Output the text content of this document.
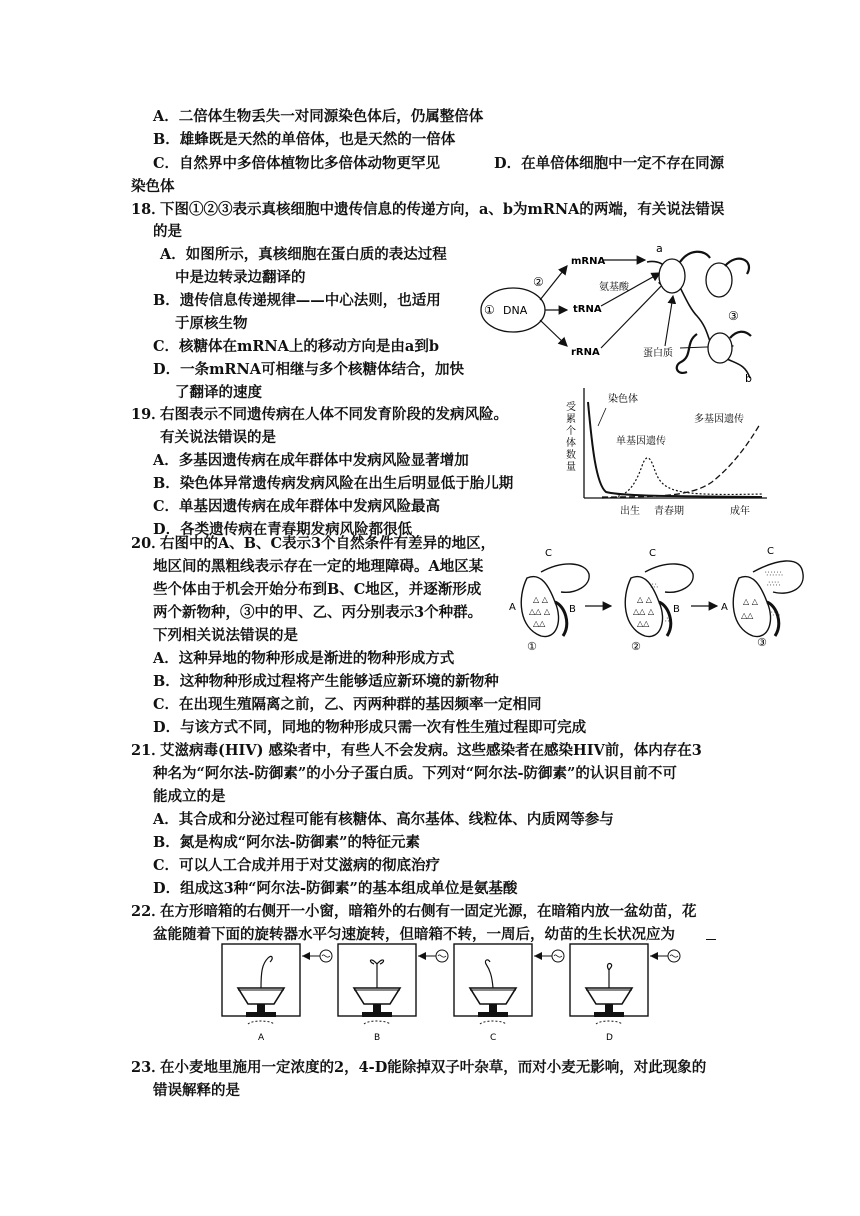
A．二倍体生物丢失一对同源染色体后，仍属整倍体
B．雄蜂既是天然的单倍体，也是天然的一倍体
C．自然界中多倍体植物比多倍体动物更罕见	D．在单倍体细胞中一定不存在同源
染色体
18．
下图①②③表示真核细胞中遗传信息的传递方向，a、b为mRNA的两端，有关说法错误
的是
A．如图所示，真核细胞在蛋白质的表达过程
中是边转录边翻译的
B．遗传信息传递规律——中心法则，也适用
于原核生物
C．核糖体在mRNA上的移动方向是由a到b
D．一条mRNA可相继与多个核糖体结合，加快
了翻译的速度
① DNA
②
mRNA
tRNA
rRNA
氨基酸
a
蛋白质
③
b
19．
右图表示不同遗传病在人体不同发育阶段的发病风险。
有关说法错误的是
A．多基因遗传病在成年群体中发病风险显著增加
B．染色体异常遗传病发病风险在出生后明显低于胎儿期
C．单基因遗传病在成年群体中发病风险最高
D．各类遗传病在青春期发病风险都很低
受
累
个
体
数
量
染色体
单基因遗传
多基因遗传
出生 青春期	成年
20．
右图中的A、B、C表示3个自然条件有差异的地区，
地区间的黑粗线表示存在一定的地理障碍。A地区某
些个体由于机会开始分布到B、C地区，并逐渐形成
两个新物种，③中的甲、乙、丙分别表示3个种群。
下列相关说法错误的是
A．这种异地的物种形成是渐进的物种形成方式
B．这种物种形成过程将产生能够适应新环境的新物种
C．在出现生殖隔离之前，乙、丙两种群的基因频率一定相同
D．与该方式不同，同地的物种形成只需一次有性生殖过程即可完成
△ △
△△ △
△△
C
A	B
①
△ △
△△ △
△△
∵∴
∴
C
B
②
△ △
△△
∵∴∵∴
∴∵∴
∵∴
C
A
③
21．
艾滋病毒(HIV) 感染者中，有些人不会发病。这些感染者在感染HIV前，体内存在3
种名为“阿尔法-防御素”的小分子蛋白质。下列对“阿尔法-防御素”的认识目前不可
能成立的是
A．其合成和分泌过程可能有核糖体、高尔基体、线粒体、内质网等参与
B．氮是构成“阿尔法-防御素”的特征元素
C．可以人工合成并用于对艾滋病的彻底治疗
D．组成这3种“阿尔法-防御素”的基本组成单位是氨基酸
22．
在方形暗箱的右侧开一小窗，暗箱外的右侧有一固定光源，在暗箱内放一盆幼苗，花
盆能随着下面的旋转器水平匀速旋转，但暗箱不转，一周后，幼苗的生长状况应为
A	B	C	D
23．
在小麦地里施用一定浓度的2，4-D能除掉双子叶杂草，而对小麦无影响，对此现象的
错误解释的是
